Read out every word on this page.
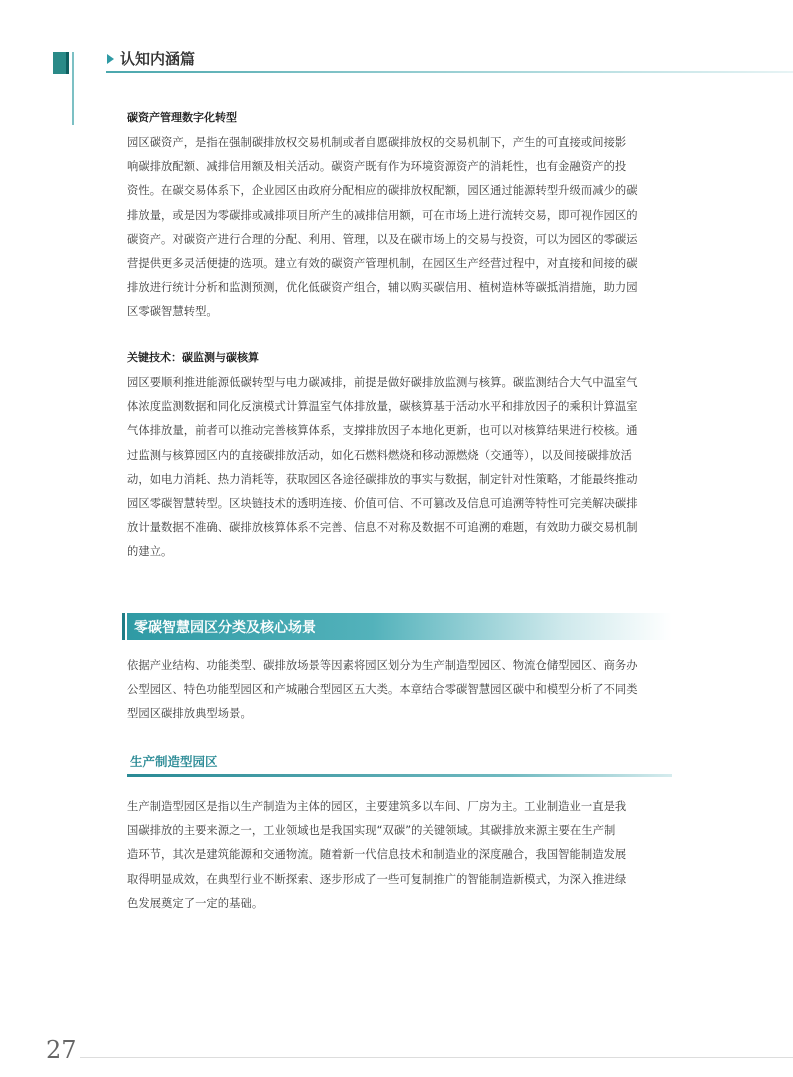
认知内涵篇

碳资产管理数字化转型

园区碳资产，是指在强制碳排放权交易机制或者自愿碳排放权的交易机制下，产生的可直接或间接影

响碳排放配额、减排信用额及相关活动。碳资产既有作为环境资源资产的消耗性，也有金融资产的投

资性。在碳交易体系下，企业园区由政府分配相应的碳排放权配额，园区通过能源转型升级而减少的碳

排放量，或是因为零碳排或减排项目所产生的减排信用额，可在市场上进行流转交易，即可视作园区的

碳资产。对碳资产进行合理的分配、利用、管理，以及在碳市场上的交易与投资，可以为园区的零碳运

营提供更多灵活便捷的选项。建立有效的碳资产管理机制，在园区生产经营过程中，对直接和间接的碳

排放进行统计分析和监测预测，优化低碳资产组合，辅以购买碳信用、植树造林等碳抵消措施，助力园

区零碳智慧转型。

关键技术：碳监测与碳核算

园区要顺利推进能源低碳转型与电力碳减排，前提是做好碳排放监测与核算。碳监测结合大气中温室气

体浓度监测数据和同化反演模式计算温室气体排放量，碳核算基于活动水平和排放因子的乘积计算温室

气体排放量，前者可以推动完善核算体系，支撑排放因子本地化更新，也可以对核算结果进行校核。通

过监测与核算园区内的直接碳排放活动，如化石燃料燃烧和移动源燃烧（交通等），以及间接碳排放活

动，如电力消耗、热力消耗等，获取园区各途径碳排放的事实与数据，制定针对性策略，才能最终推动

园区零碳智慧转型。区块链技术的透明连接、价值可信、不可篡改及信息可追溯等特性可完美解决碳排

放计量数据不准确、碳排放核算体系不完善、信息不对称及数据不可追溯的难题，有效助力碳交易机制

的建立。

零碳智慧园区分类及核心场景

依据产业结构、功能类型、碳排放场景等因素将园区划分为生产制造型园区、物流仓储型园区、商务办

公型园区、特色功能型园区和产城融合型园区五大类。本章结合零碳智慧园区碳中和模型分析了不同类

型园区碳排放典型场景。

生产制造型园区

生产制造型园区是指以生产制造为主体的园区，主要建筑多以车间、厂房为主。工业制造业一直是我

国碳排放的主要来源之一，工业领域也是我国实现“双碳”的关键领域。其碳排放来源主要在生产制

造环节，其次是建筑能源和交通物流。随着新一代信息技术和制造业的深度融合，我国智能制造发展

取得明显成效，在典型行业不断探索、逐步形成了一些可复制推广的智能制造新模式，为深入推进绿

色发展奠定了一定的基础。

27
